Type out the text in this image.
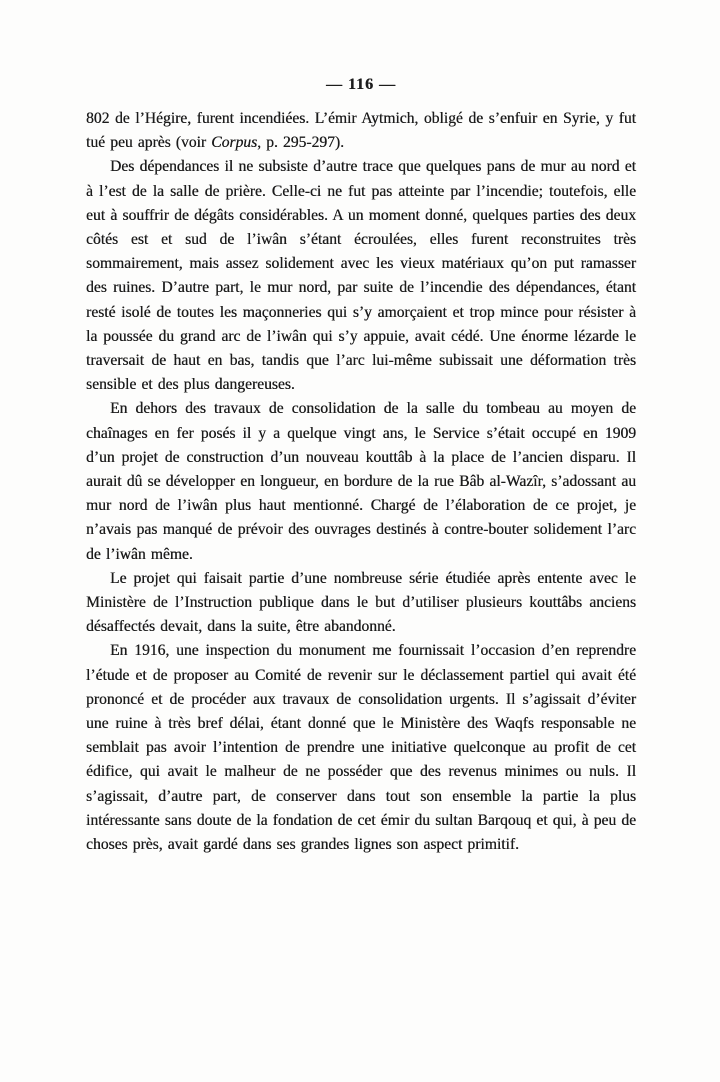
— 116 —

802 de l’Hégire, furent incendiées. L’émir Aytmich, obligé de s’enfuir en Syrie, y fut tué peu après (voir Corpus, p. 295-297).

Des dépendances il ne subsiste d’autre trace que quelques pans de mur au nord et à l’est de la salle de prière. Celle-ci ne fut pas atteinte par l’incendie; toutefois, elle eut à souffrir de dégâts considérables. A un moment donné, quelques parties des deux côtés est et sud de l’iwân s’étant écroulées, elles furent reconstruites très sommairement, mais assez solidement avec les vieux matériaux qu’on put ramasser des ruines. D’autre part, le mur nord, par suite de l’incendie des dépendances, étant resté isolé de toutes les maçonneries qui s’y amorçaient et trop mince pour résister à la poussée du grand arc de l’iwân qui s’y appuie, avait cédé. Une énorme lézarde le traversait de haut en bas, tandis que l’arc lui-même subissait une déformation très sensible et des plus dangereuses.

En dehors des travaux de consolidation de la salle du tombeau au moyen de chaînages en fer posés il y a quelque vingt ans, le Service s’était occupé en 1909 d’un projet de construction d’un nouveau kouttâb à la place de l’ancien disparu. Il aurait dû se développer en longueur, en bordure de la rue Bâb al-Wazîr, s’adossant au mur nord de l’iwân plus haut mentionné. Chargé de l’élaboration de ce projet, je n’avais pas manqué de prévoir des ouvrages destinés à contre-bouter solidement l’arc de l’iwân même.

Le projet qui faisait partie d’une nombreuse série étudiée après entente avec le Ministère de l’Instruction publique dans le but d’utiliser plusieurs kouttâbs anciens désaffectés devait, dans la suite, être abandonné.

En 1916, une inspection du monument me fournissait l’occasion d’en reprendre l’étude et de proposer au Comité de revenir sur le déclassement partiel qui avait été prononcé et de procéder aux travaux de consolidation urgents. Il s’agissait d’éviter une ruine à très bref délai, étant donné que le Ministère des Waqfs responsable ne semblait pas avoir l’intention de prendre une initiative quelconque au profit de cet édifice, qui avait le malheur de ne posséder que des revenus minimes ou nuls. Il s’agissait, d’autre part, de conserver dans tout son ensemble la partie la plus intéressante sans doute de la fondation de cet émir du sultan Barqouq et qui, à peu de choses près, avait gardé dans ses grandes lignes son aspect primitif.
